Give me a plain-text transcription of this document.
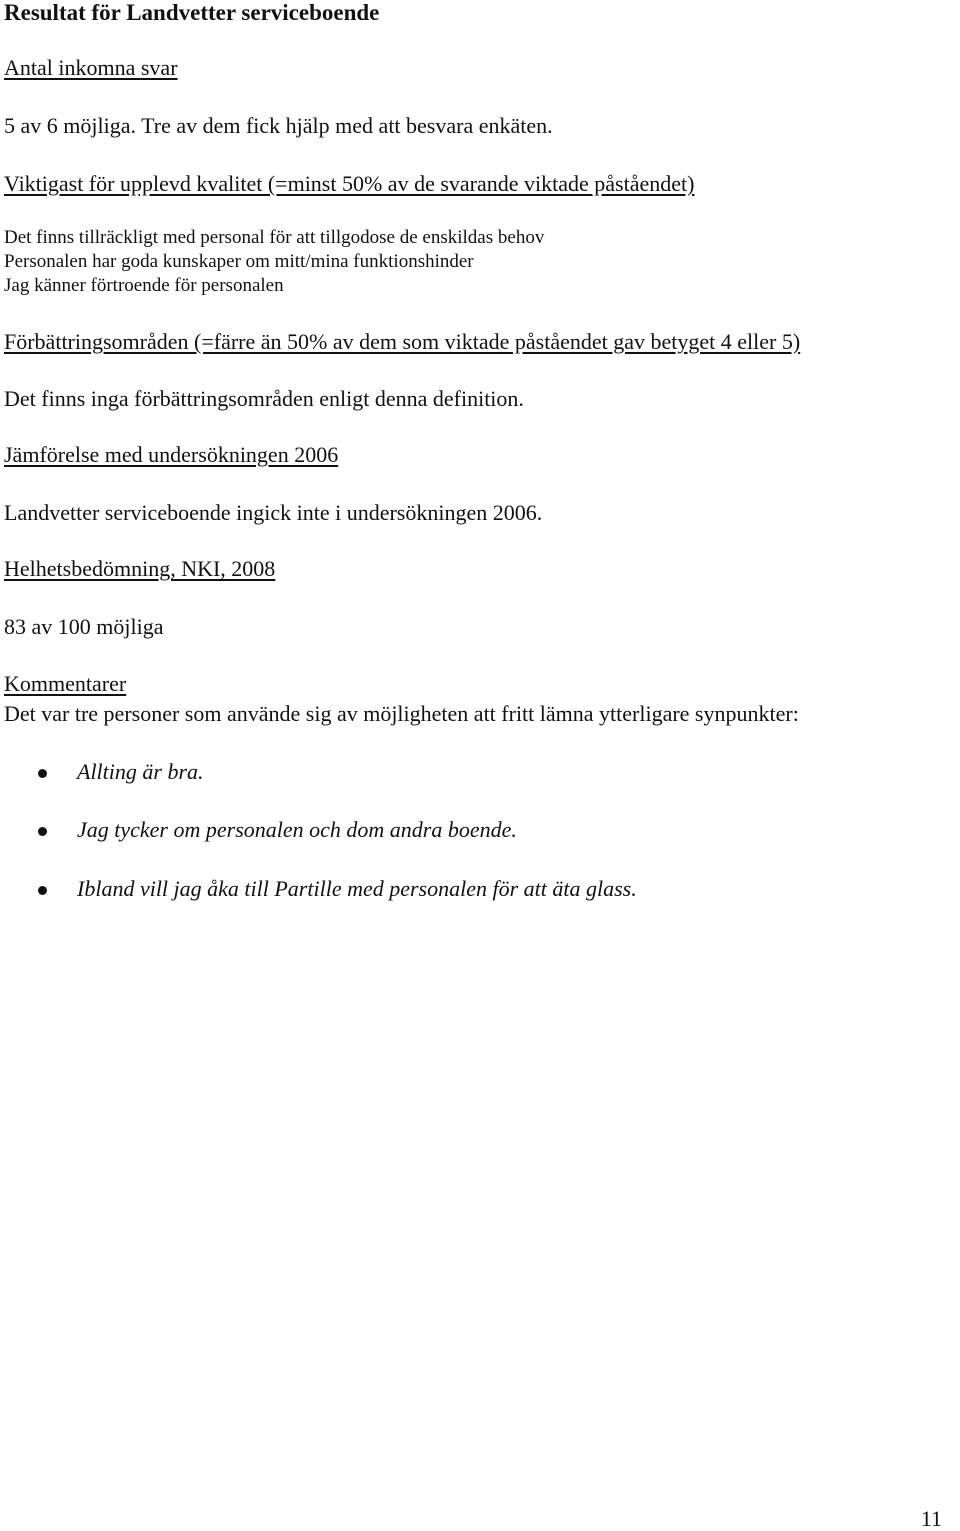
Resultat för Landvetter serviceboende
Antal inkomna svar
5 av 6 möjliga. Tre av dem fick hjälp med att besvara enkäten.
Viktigast för upplevd kvalitet (=minst 50% av de svarande viktade påståendet)
Det finns tillräckligt med personal för att tillgodose de enskildas behov
Personalen har goda kunskaper om mitt/mina funktionshinder
Jag känner förtroende för personalen
Förbättringsområden (=färre än 50% av dem som viktade påståendet gav betyget 4 eller 5)
Det finns inga förbättringsområden enligt denna definition.
Jämförelse med undersökningen 2006
Landvetter serviceboende ingick inte i undersökningen 2006.
Helhetsbedömning, NKI, 2008
83 av 100 möjliga
Kommentarer
Det var tre personer som använde sig av möjligheten att fritt lämna ytterligare synpunkter:
Allting är bra.
Jag tycker om personalen och dom andra boende.
Ibland vill jag åka till Partille med personalen för att äta glass.
11
